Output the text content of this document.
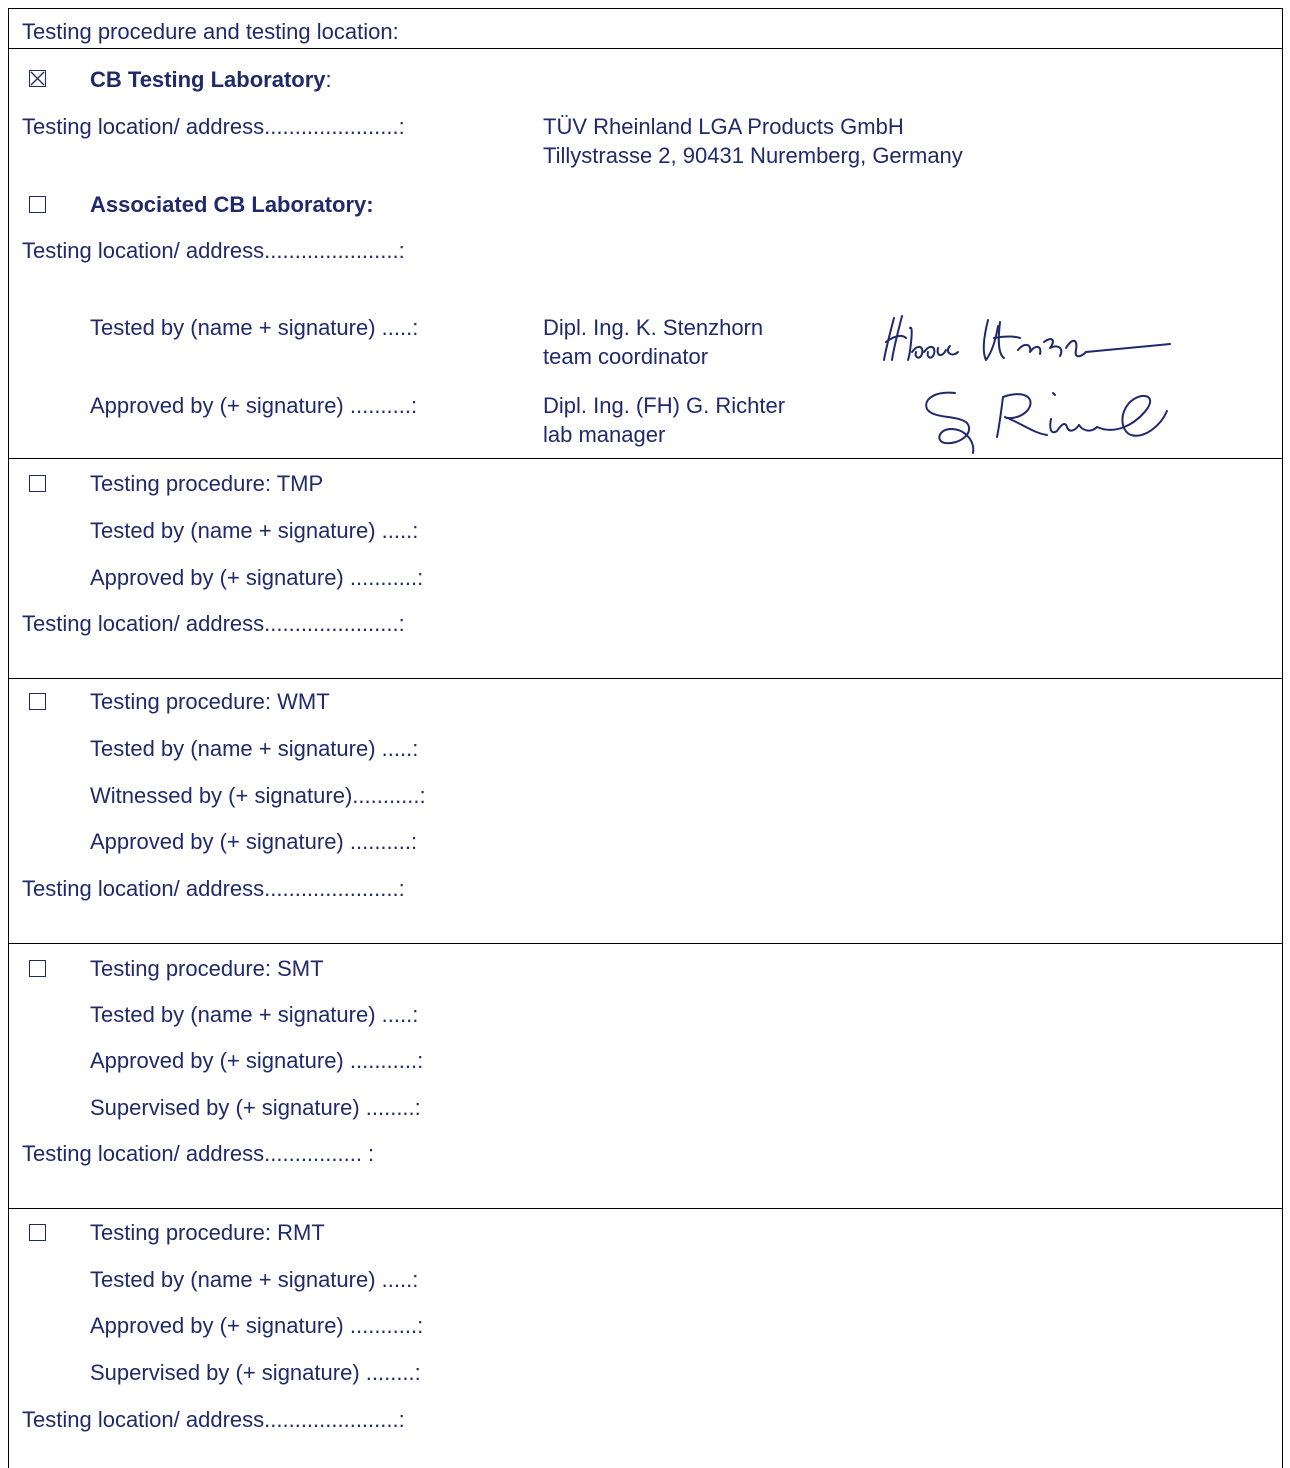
Testing procedure and testing location:
CB Testing Laboratory:
Testing location/ address......................:	TÜV Rheinland LGA Products GmbH
Tillystrasse 2, 90431 Nuremberg, Germany
Associated CB Laboratory:
Testing location/ address......................:
Tested by (name + signature) .....:	Dipl. Ing. K. Stenzhorn
team coordinator
Approved by (+ signature) ..........:	Dipl. Ing. (FH) G. Richter
lab manager
Testing procedure: TMP
Tested by (name + signature) .....:
Approved by (+ signature) ...........:
Testing location/ address......................:
Testing procedure: WMT
Tested by (name + signature) .....:
Witnessed by (+ signature)...........:
Approved by (+ signature) ..........:
Testing location/ address......................:
Testing procedure: SMT
Tested by (name + signature) .....:
Approved by (+ signature) ...........:
Supervised by (+ signature) ........:
Testing location/ address................ :
Testing procedure: RMT
Tested by (name + signature) .....:
Approved by (+ signature) ...........:
Supervised by (+ signature) ........:
Testing location/ address......................:
